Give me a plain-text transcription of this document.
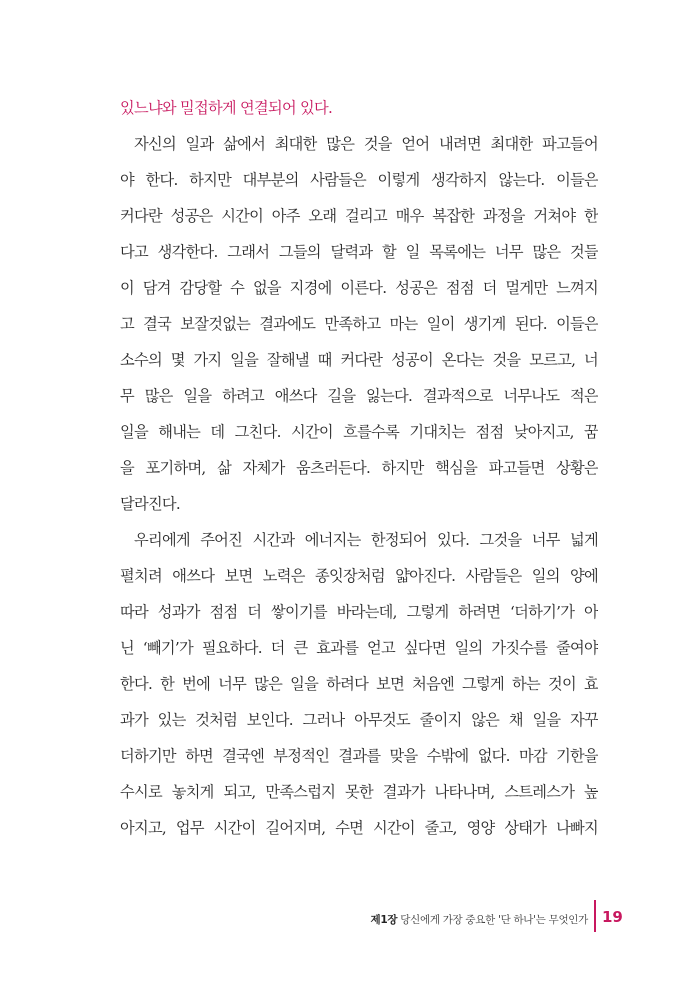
있느냐와 밀접하게 연결되어 있다.
자신의 일과 삶에서 최대한 많은 것을 얻어 내려면 최대한 파고들어
야 한다. 하지만 대부분의 사람들은 이렇게 생각하지 않는다. 이들은
커다란 성공은 시간이 아주 오래 걸리고 매우 복잡한 과정을 거쳐야 한
다고 생각한다. 그래서 그들의 달력과 할 일 목록에는 너무 많은 것들
이 담겨 감당할 수 없을 지경에 이른다. 성공은 점점 더 멀게만 느껴지
고 결국 보잘것없는 결과에도 만족하고 마는 일이 생기게 된다. 이들은
소수의 몇 가지 일을 잘해낼 때 커다란 성공이 온다는 것을 모르고, 너
무 많은 일을 하려고 애쓰다 길을 잃는다. 결과적으로 너무나도 적은
일을 해내는 데 그친다. 시간이 흐를수록 기대치는 점점 낮아지고, 꿈
을 포기하며, 삶 자체가 움츠러든다. 하지만 핵심을 파고들면 상황은
달라진다.
우리에게 주어진 시간과 에너지는 한정되어 있다. 그것을 너무 넓게
펼치려 애쓰다 보면 노력은 종잇장처럼 얇아진다. 사람들은 일의 양에
따라 성과가 점점 더 쌓이기를 바라는데, 그렇게 하려면 ‘더하기’가 아
닌 ‘빼기’가 필요하다. 더 큰 효과를 얻고 싶다면 일의 가짓수를 줄여야
한다. 한 번에 너무 많은 일을 하려다 보면 처음엔 그렇게 하는 것이 효
과가 있는 것처럼 보인다. 그러나 아무것도 줄이지 않은 채 일을 자꾸
더하기만 하면 결국엔 부정적인 결과를 맞을 수밖에 없다. 마감 기한을
수시로 놓치게 되고, 만족스럽지 못한 결과가 나타나며, 스트레스가 높
아지고, 업무 시간이 길어지며, 수면 시간이 줄고, 영양 상태가 나빠지
제1장 당신에게 가장 중요한 '단 하나'는 무엇인가 19
